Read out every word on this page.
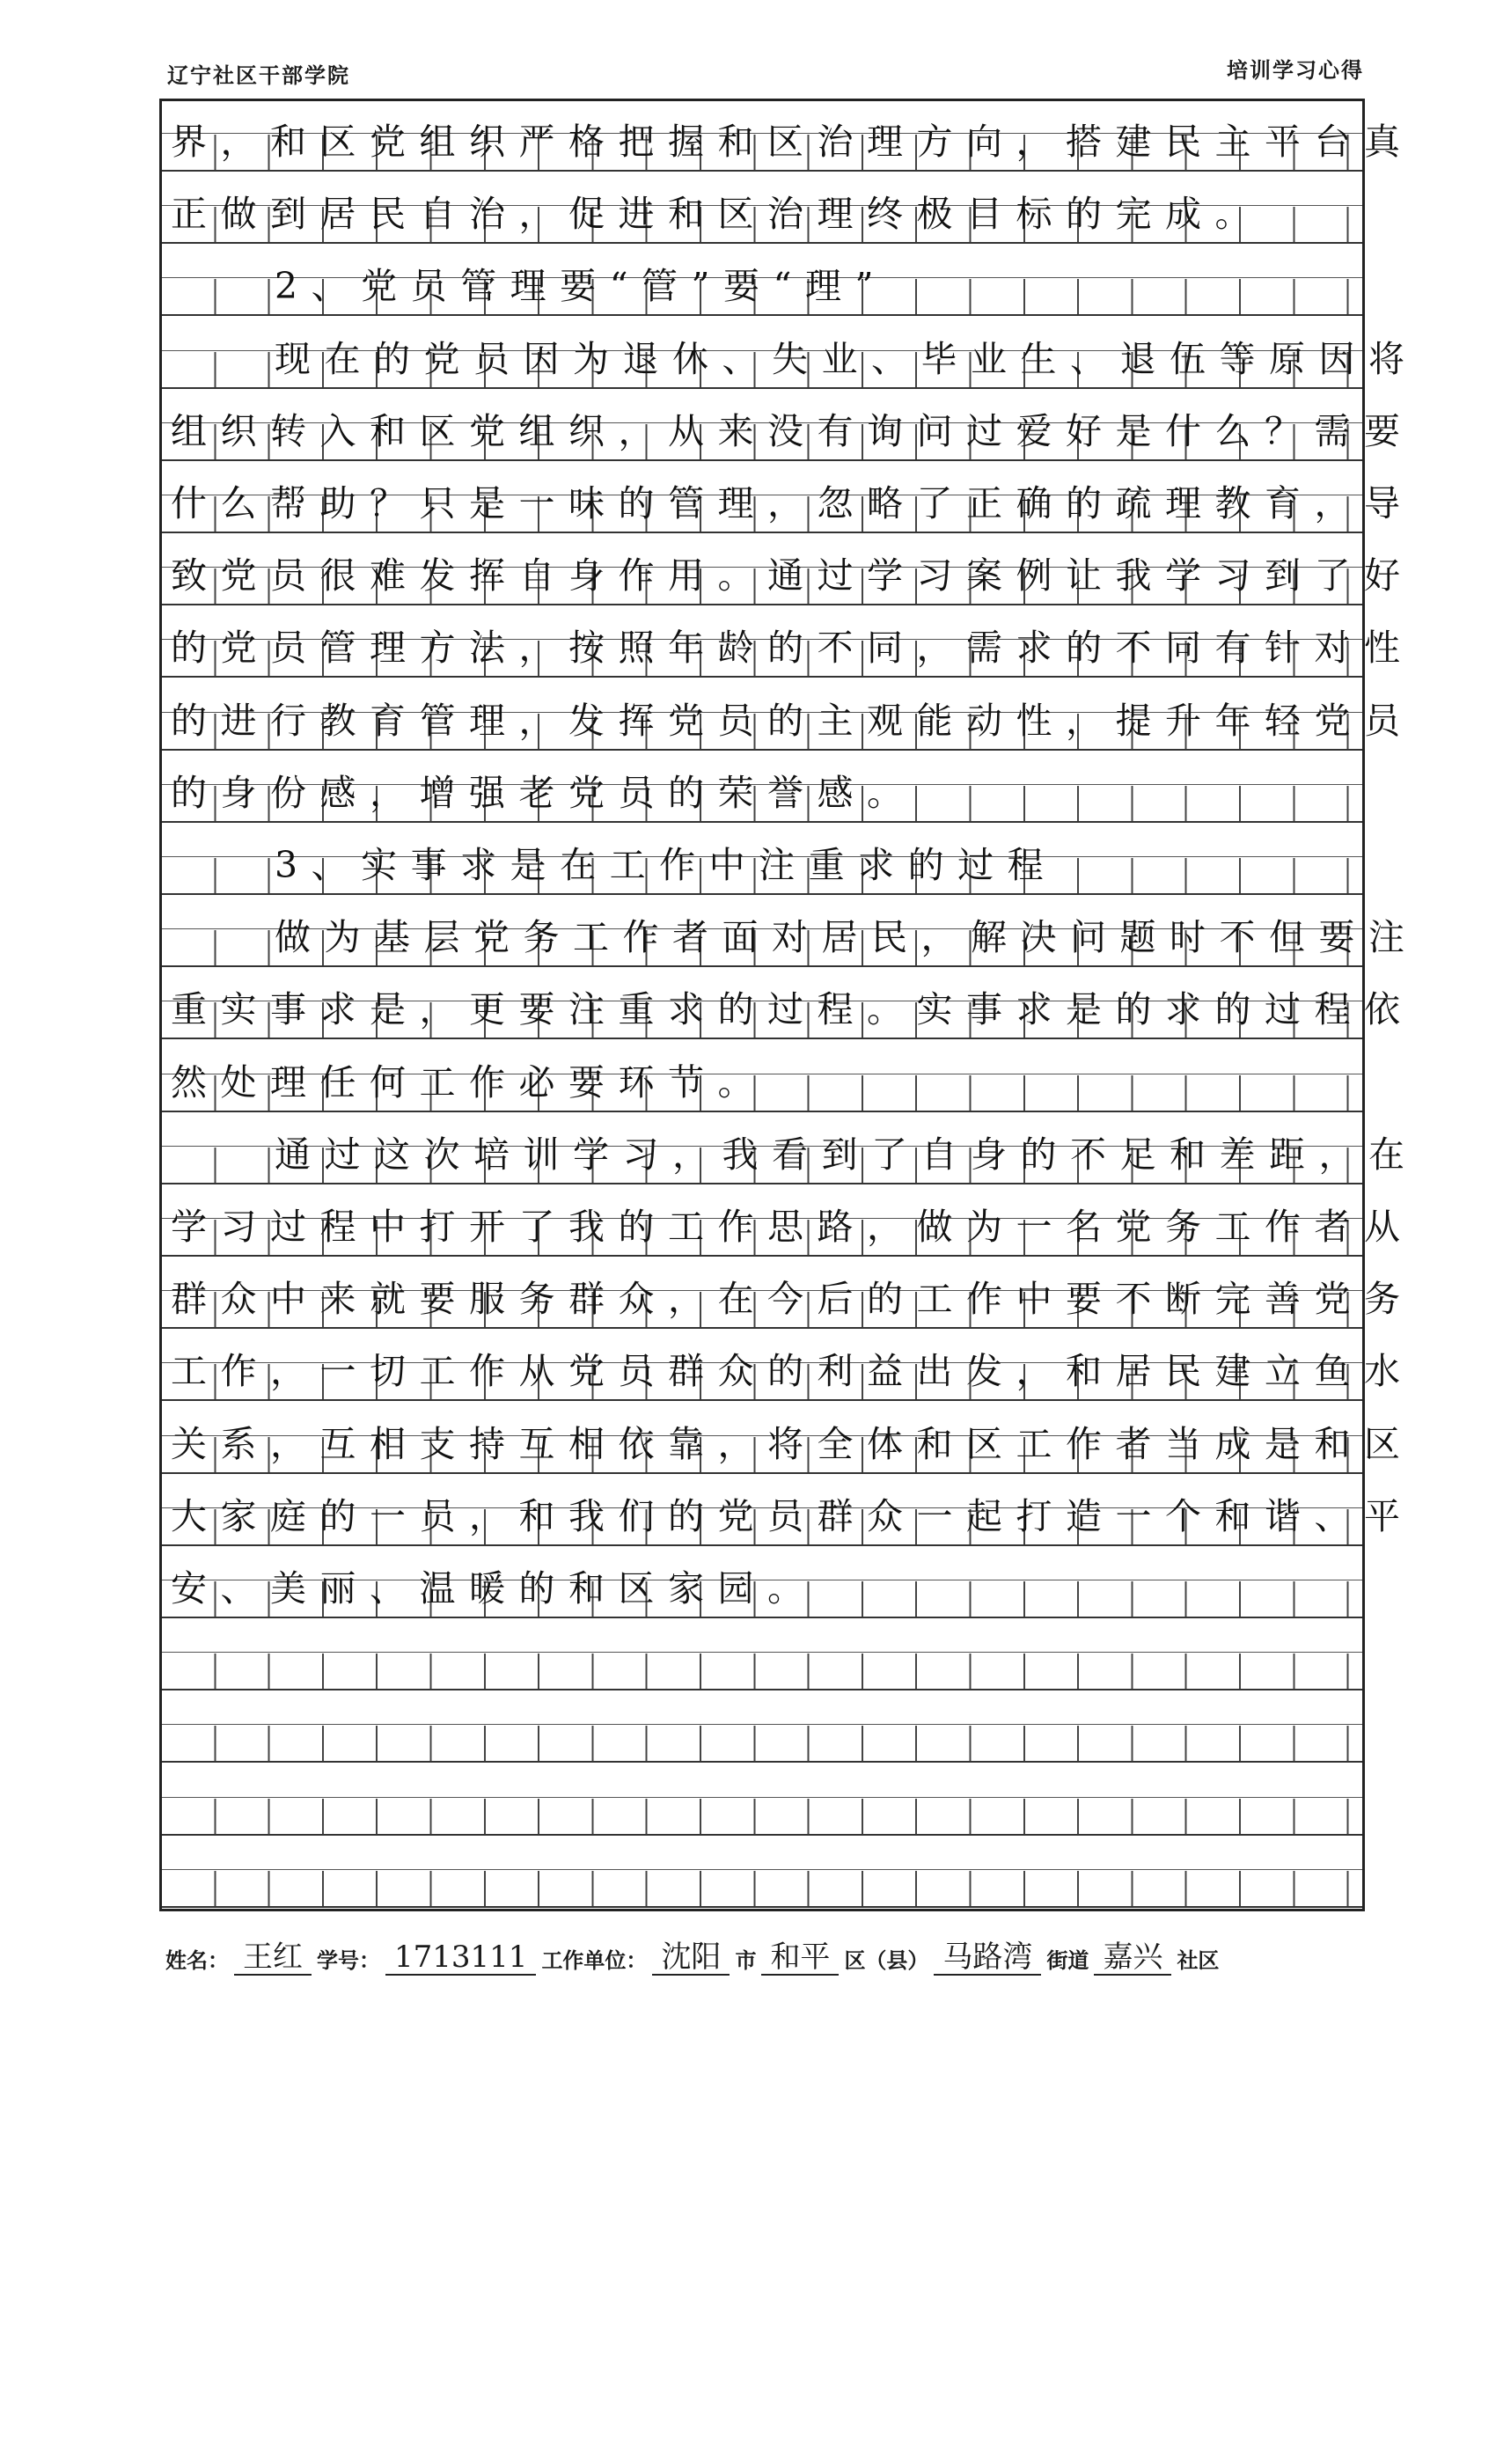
辽宁社区干部学院	培训学习心得
界，和区党组织严格把握和区治理方向，搭建民主平台真
正做到居民自治，促进和区治理终极目标的完成。
2、党员管理要“管”要“理”
现在的党员因为退休、失业、毕业生、退伍等原因将
组织转入和区党组织，从来没有询问过爱好是什么？需要
什么帮助？只是一味的管理，忽略了正确的疏理教育，导
致党员很难发挥自身作用。通过学习案例让我学习到了好
的党员管理方法，按照年龄的不同，需求的不同有针对性
的进行教育管理，发挥党员的主观能动性，提升年轻党员
的身份感，增强老党员的荣誉感。
3、实事求是在工作中注重求的过程
做为基层党务工作者面对居民，解决问题时不但要注
重实事求是，更要注重求的过程。实事求是的求的过程依
然处理任何工作必要环节。
通过这次培训学习，我看到了自身的不足和差距，在
学习过程中打开了我的工作思路，做为一名党务工作者从
群众中来就要服务群众，在今后的工作中要不断完善党务
工作，一切工作从党员群众的利益出发，和居民建立鱼水
关系，互相支持互相依靠，将全体和区工作者当成是和区
大家庭的一员，和我们的党员群众一起打造一个和谐、平
安、美丽、温暖的和区家园。
姓名： 王红 学号： 1713111 工作单位： 沈阳 市 和平 区（县） 马路湾 街道 嘉兴 社区
